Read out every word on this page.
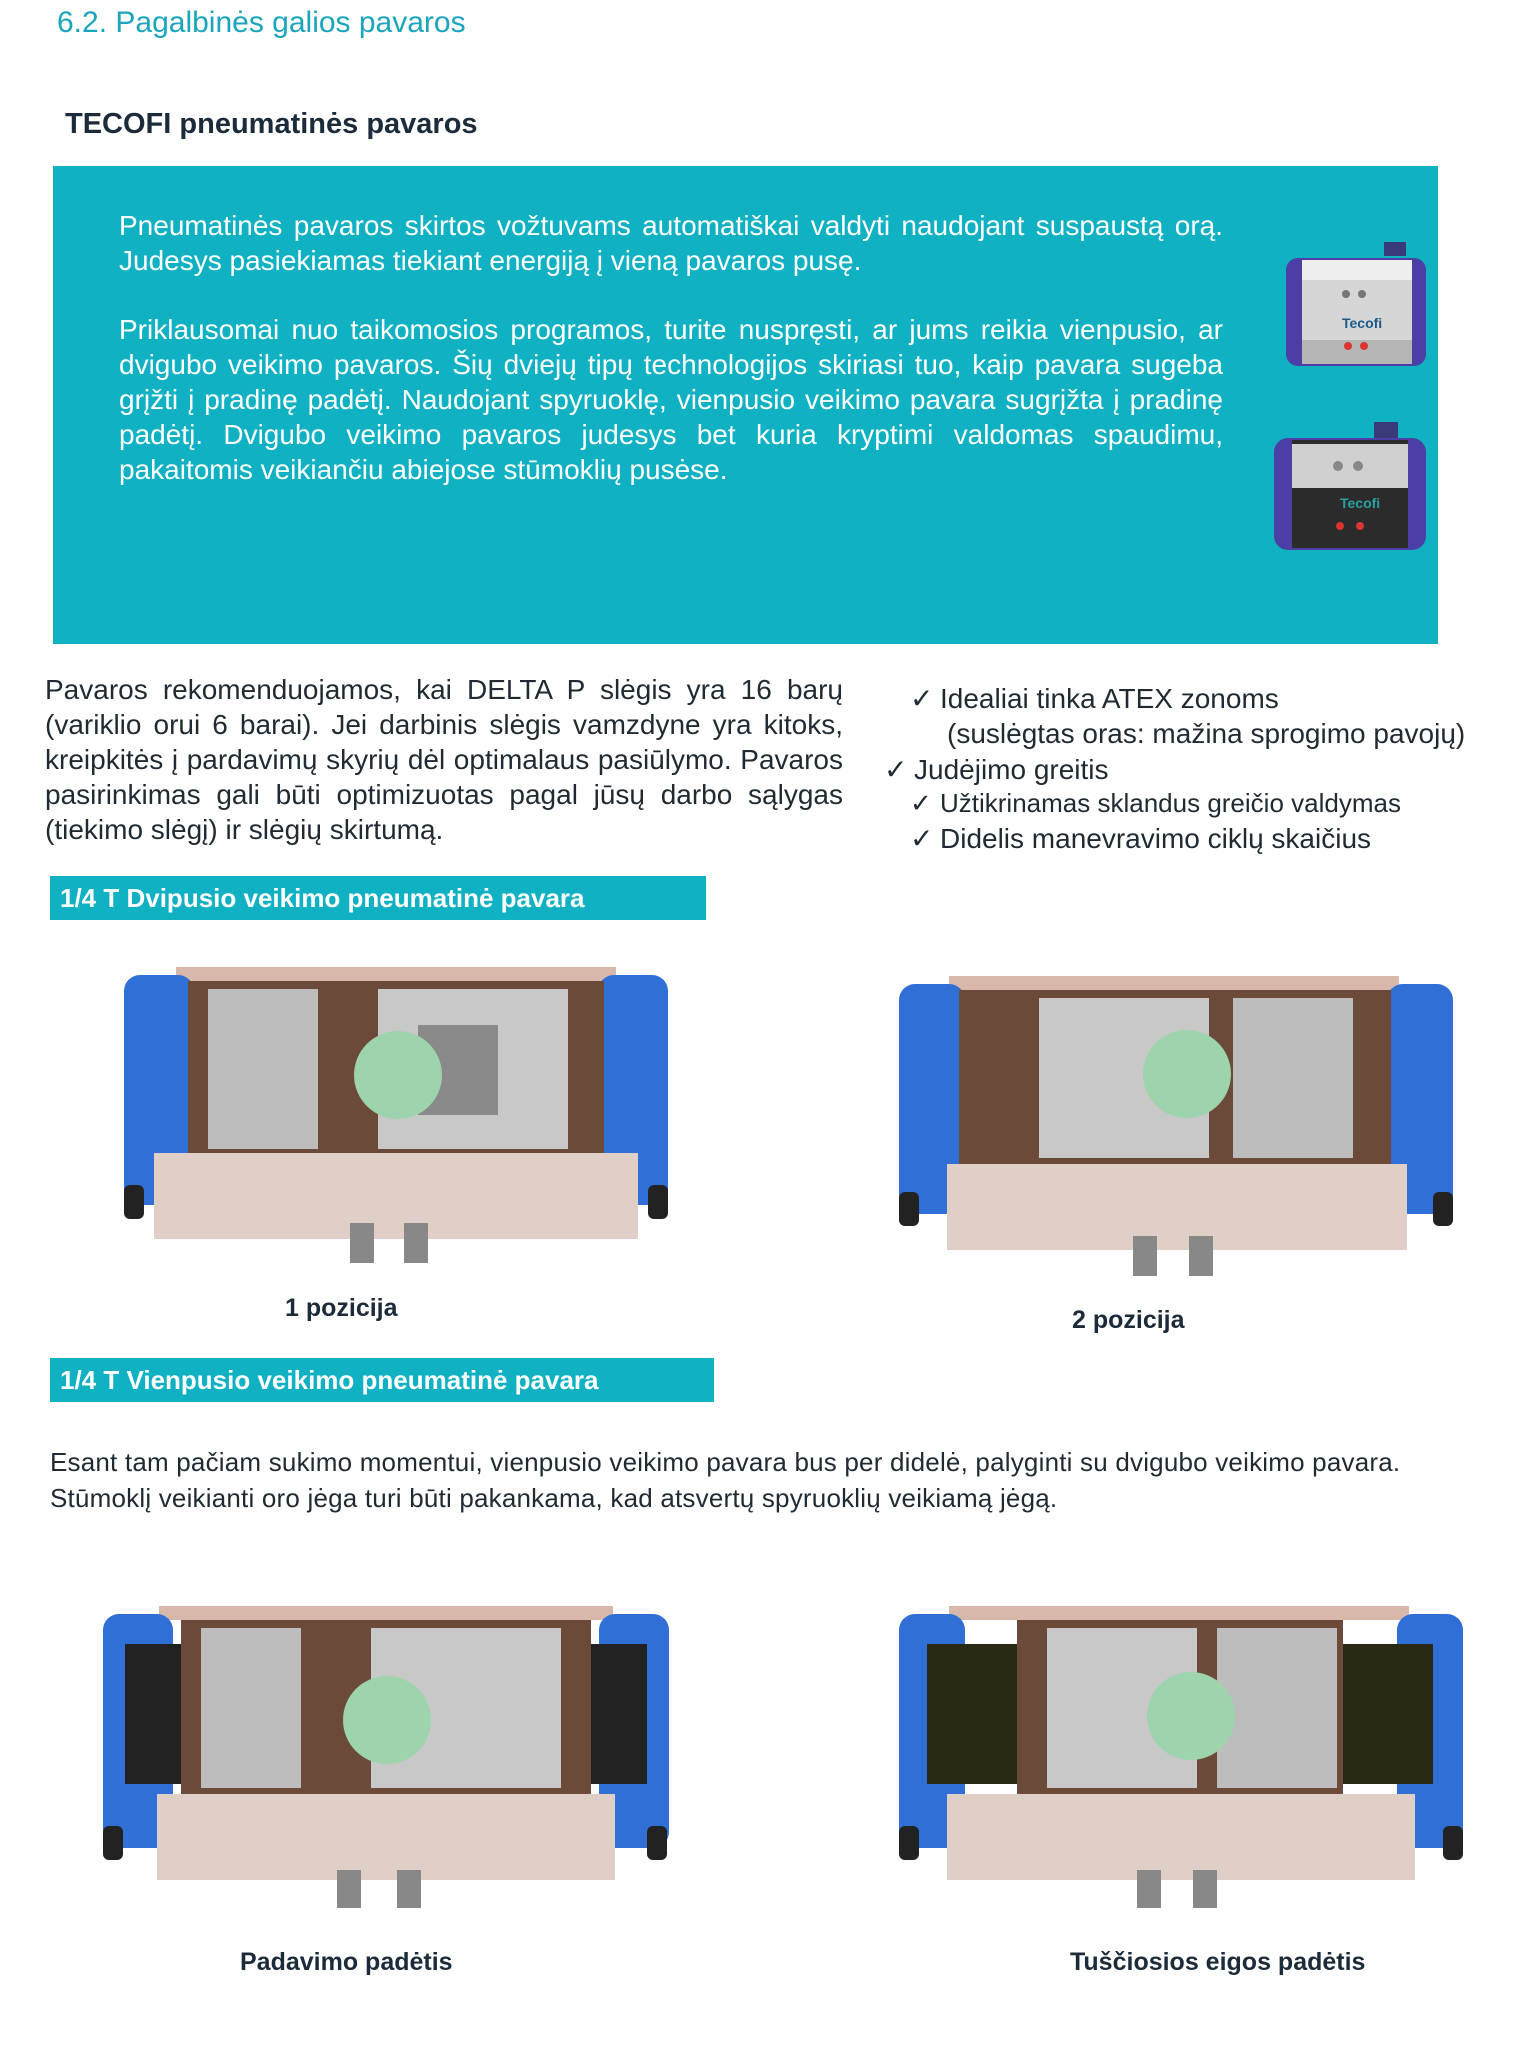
6.2. Pagalbinės galios pavaros
TECOFI pneumatinės pavaros
Pneumatinės pavaros skirtos vožtuvams automatiškai valdyti naudojant suspaustą orą. Judesys pasiekiamas tiekiant energiją į vieną pavaros pusę.
Priklausomai nuo taikomosios programos, turite nuspręsti, ar jums reikia vienpusio, ar dvigubo veikimo pavaros. Šių dviejų tipų technologijos skiriasi tuo, kaip pavara sugeba grįžti į pradinę padėtį. Naudojant spyruoklę, vienpusio veikimo pavara sugrįžta į pradinę padėtį. Dvigubo veikimo pavaros judesys bet kuria kryptimi valdomas spaudimu, pakaitomis veikiančiu abiejose stūmoklių pusėse.
Tecofi
Tecofi
Pavaros rekomenduojamos, kai DELTA P slėgis yra 16 barų (variklio orui 6 barai). Jei darbinis slėgis vamzdyne yra kitoks, kreipkitės į pardavimų skyrių dėl optimalaus pasiūlymo. Pavaros pasirinkimas gali būti optimizuotas pagal jūsų darbo sąlygas (tiekimo slėgį) ir slėgių skirtumą.
✓ Idealiai tinka ATEX zonoms
(suslėgtas oras: mažina sprogimo pavojų)
✓ Judėjimo greitis
✓ Užtikrinamas sklandus greičio valdymas
✓ Didelis manevravimo ciklų skaičius
1/4 T Dvipusio veikimo pneumatinė pavara
1 pozicija	2 pozicija
1/4 T Vienpusio veikimo pneumatinė pavara
Esant tam pačiam sukimo momentui, vienpusio veikimo pavara bus per didelė, palyginti su dvigubo veikimo pavara. Stūmoklį veikianti oro jėga turi būti pakankama, kad atsvertų spyruoklių veikiamą jėgą.
Padavimo padėtis	Tuščiosios eigos padėtis
